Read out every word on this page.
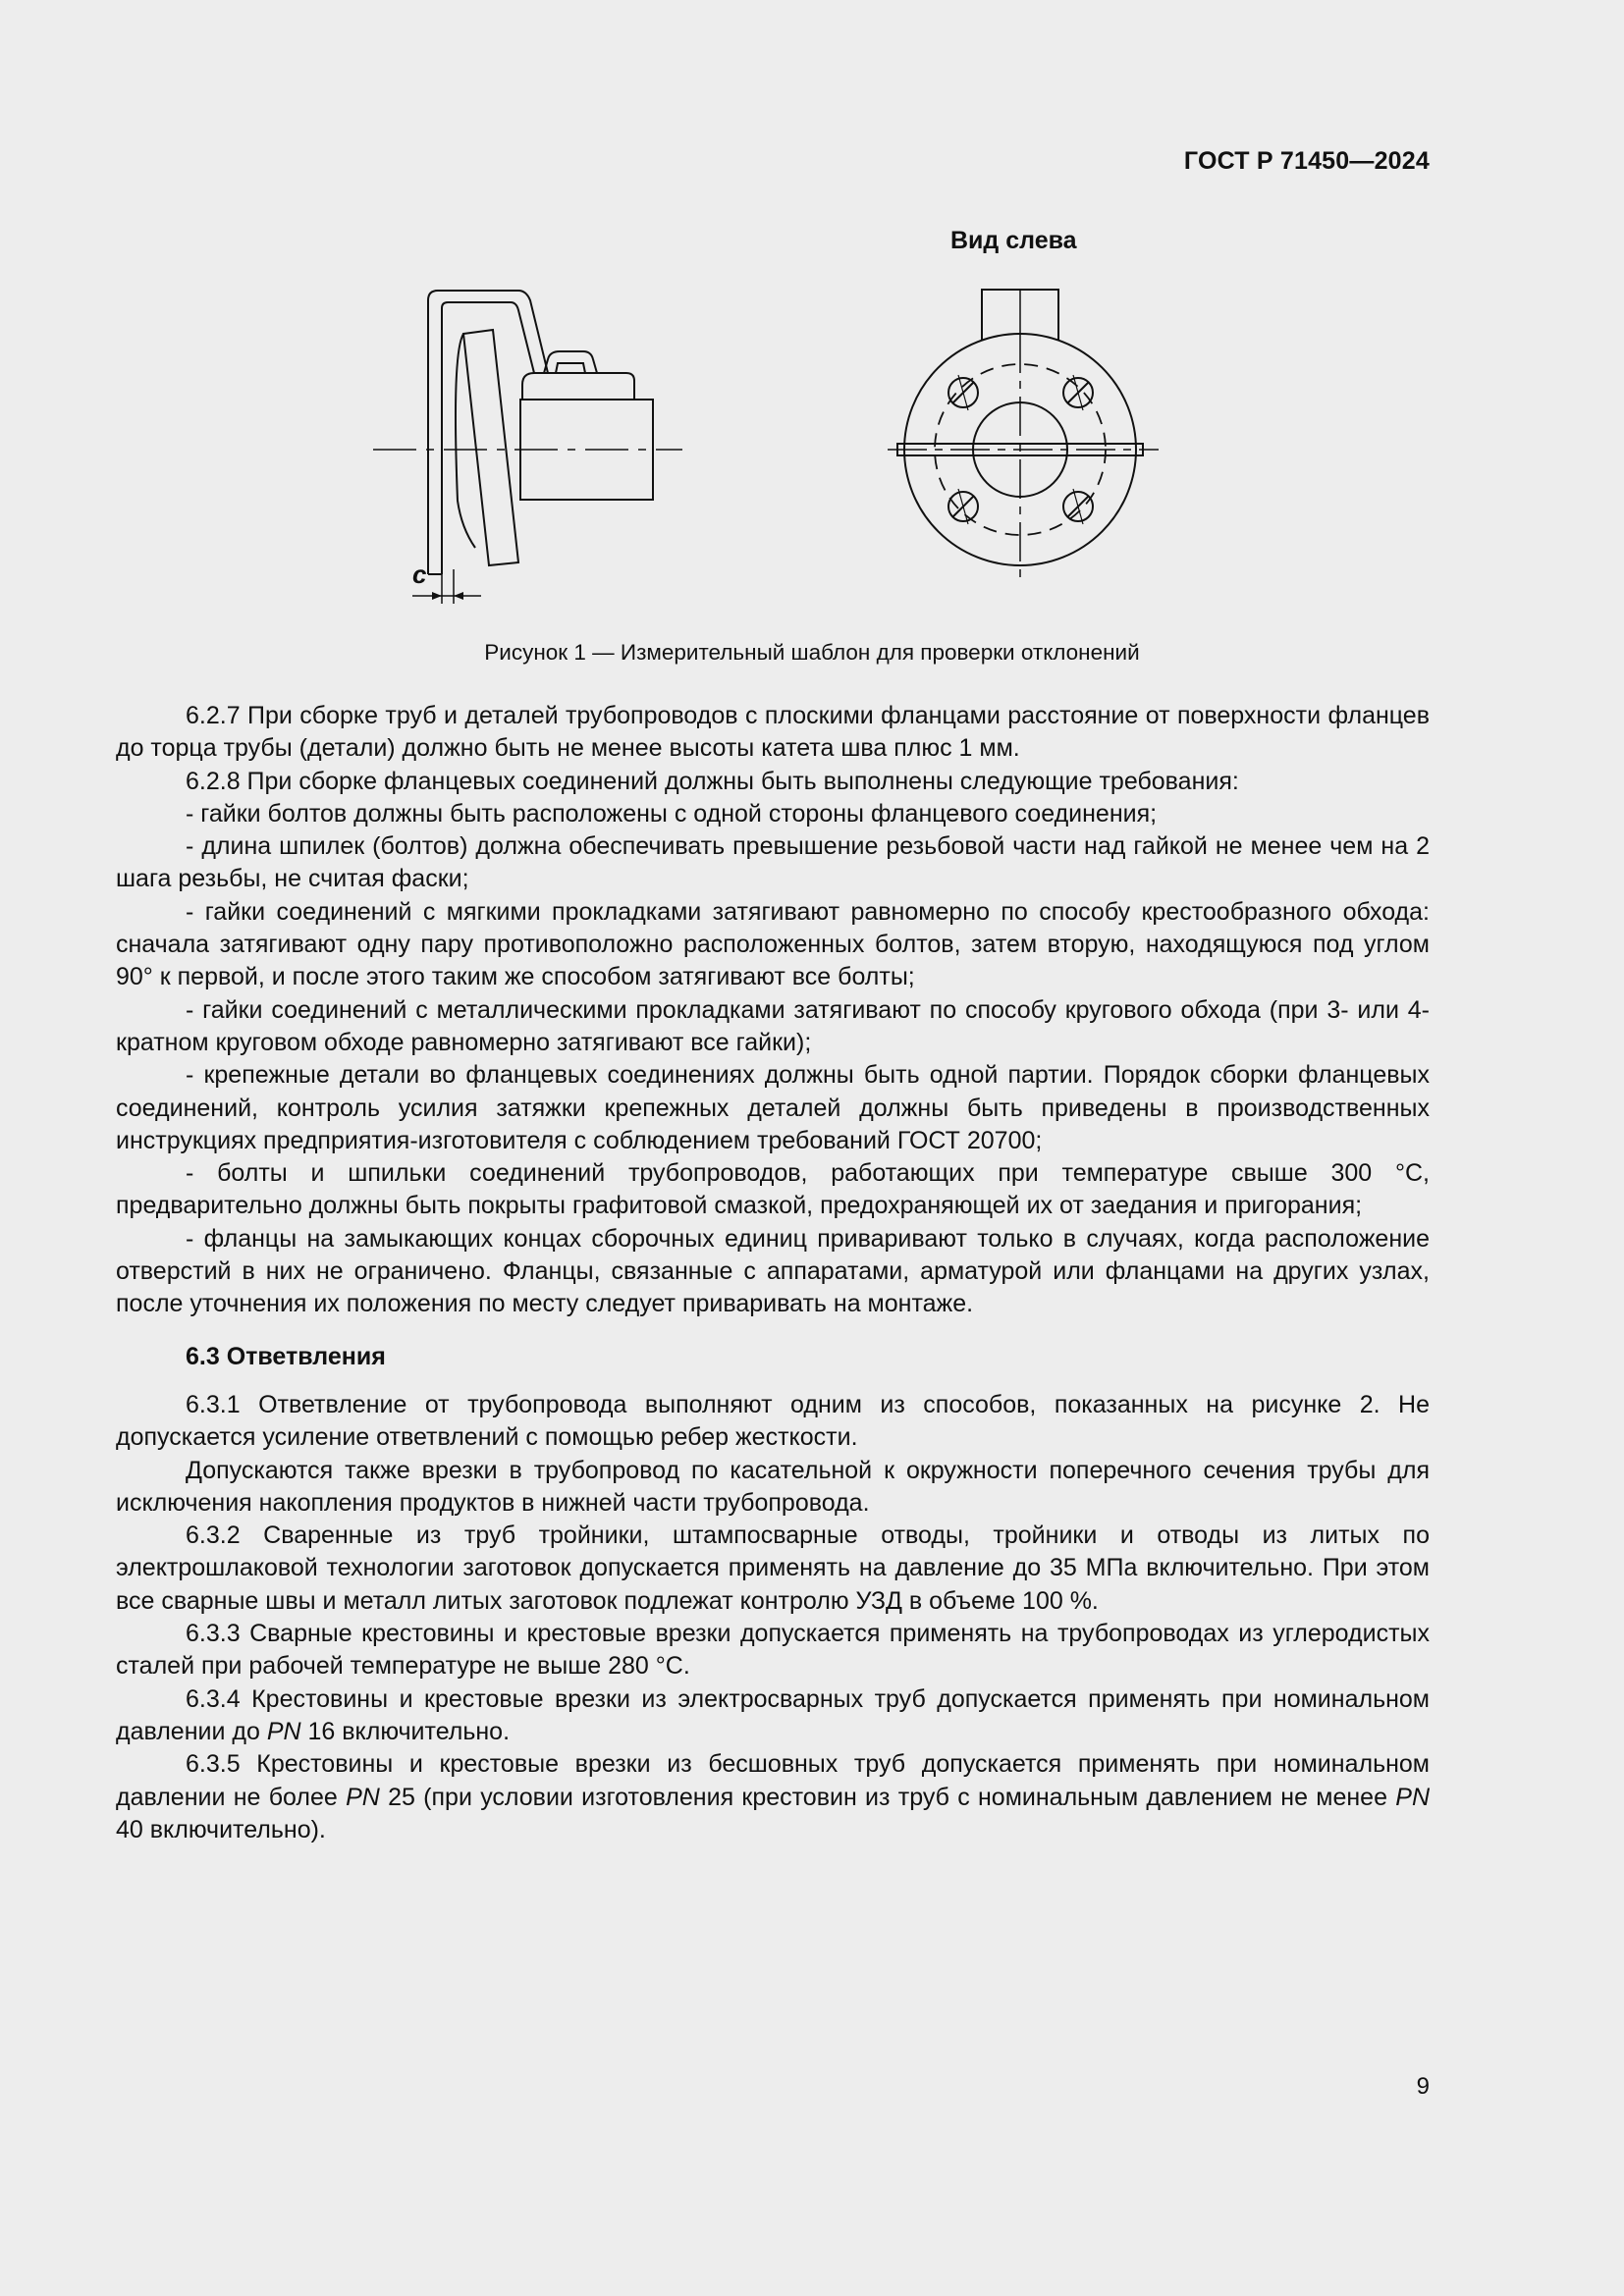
ГОСТ Р 71450—2024
Вид слева
с
Рисунок 1 — Измерительный шаблон для проверки отклонений

6.2.7 При сборке труб и деталей трубопроводов с плоскими фланцами расстояние от поверхности фланцев до торца трубы (детали) должно быть не менее высоты катета шва плюс 1 мм.

6.2.8 При сборке фланцевых соединений должны быть выполнены следующие требования:

- гайки болтов должны быть расположены с одной стороны фланцевого соединения;

- длина шпилек (болтов) должна обеспечивать превышение резьбовой части над гайкой не менее чем на 2 шага резьбы, не считая фаски;

- гайки соединений с мягкими прокладками затягивают равномерно по способу крестообразного обхода: сначала затягивают одну пару противоположно расположенных болтов, затем вторую, находящуюся под углом 90° к первой, и после этого таким же способом затягивают все болты;

- гайки соединений с металлическими прокладками затягивают по способу кругового обхода (при 3- или 4-кратном круговом обходе равномерно затягивают все гайки);

- крепежные детали во фланцевых соединениях должны быть одной партии. Порядок сборки фланцевых соединений, контроль усилия затяжки крепежных деталей должны быть приведены в производственных инструкциях предприятия-изготовителя с соблюдением требований ГОСТ 20700;

- болты и шпильки соединений трубопроводов, работающих при температуре свыше 300 °C, предварительно должны быть покрыты графитовой смазкой, предохраняющей их от заедания и пригорания;

- фланцы на замыкающих концах сборочных единиц приваривают только в случаях, когда расположение отверстий в них не ограничено. Фланцы, связанные с аппаратами, арматурой или фланцами на других узлах, после уточнения их положения по месту следует приваривать на монтаже.

6.3 Ответвления

6.3.1 Ответвление от трубопровода выполняют одним из способов, показанных на рисунке 2. Не допускается усиление ответвлений с помощью ребер жесткости.

Допускаются также врезки в трубопровод по касательной к окружности поперечного сечения трубы для исключения накопления продуктов в нижней части трубопровода.

6.3.2 Сваренные из труб тройники, штампосварные отводы, тройники и отводы из литых по электрошлаковой технологии заготовок допускается применять на давление до 35 МПа включительно. При этом все сварные швы и металл литых заготовок подлежат контролю УЗД в объеме 100 %.

6.3.3 Сварные крестовины и крестовые врезки допускается применять на трубопроводах из углеродистых сталей при рабочей температуре не выше 280 °С.

6.3.4 Крестовины и крестовые врезки из электросварных труб допускается применять при номинальном давлении до PN 16 включительно.

6.3.5 Крестовины и крестовые врезки из бесшовных труб допускается применять при номинальном давлении не более PN 25 (при условии изготовления крестовин из труб с номинальным давлением не менее PN 40 включительно).

9
